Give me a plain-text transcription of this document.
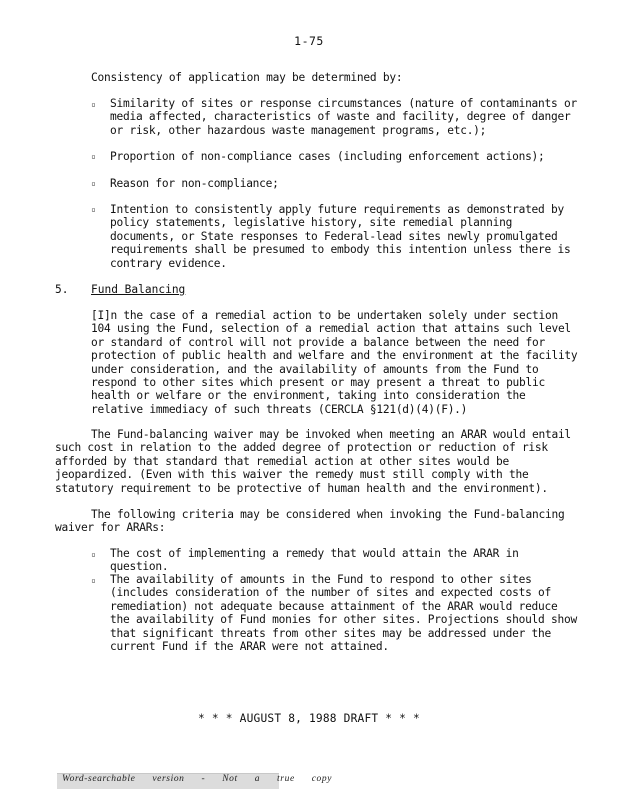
1-75
Consistency of application may be determined by:
▫ Similarity of sites or response circumstances (nature of contaminants or media affected, characteristics of waste and facility, degree of danger or risk, other hazardous waste management programs, etc.);
▫ Proportion of non-compliance cases (including enforcement actions);
▫ Reason for non-compliance;
▫ Intention to consistently apply future requirements as demonstrated by policy statements, legislative history, site remedial planning documents, or State responses to Federal-lead sites newly promulgated requirements shall be presumed to embody this intention unless there is contrary evidence.
5. Fund Balancing
[I]n the case of a remedial action to be undertaken solely under section 104 using the Fund, selection of a remedial action that attains such level or standard of control will not provide a balance between the need for protection of public health and welfare and the environment at the facility under consideration, and the availability of amounts from the Fund to respond to other sites which present or may present a threat to public health or welfare or the environment, taking into consideration the relative immediacy of such threats (CERCLA §121(d)(4)(F).)
The Fund-balancing waiver may be invoked when meeting an ARAR would entail such cost in relation to the added degree of protection or reduction of risk afforded by that standard that remedial action at other sites would be jeopardized. (Even with this waiver the remedy must still comply with the statutory requirement to be protective of human health and the environment).
The following criteria may be considered when invoking the Fund-balancing waiver for ARARs:
▫ The cost of implementing a remedy that would attain the ARAR in question.
▫ The availability of amounts in the Fund to respond to other sites (includes consideration of the number of sites and expected costs of remediation) not adequate because attainment of the ARAR would reduce the availability of Fund monies for other sites. Projections should show that significant threats from other sites may be addressed under the current Fund if the ARAR were not attained.
* * * AUGUST 8, 1988 DRAFT * * *
Word-searchable version - Not a true copy
